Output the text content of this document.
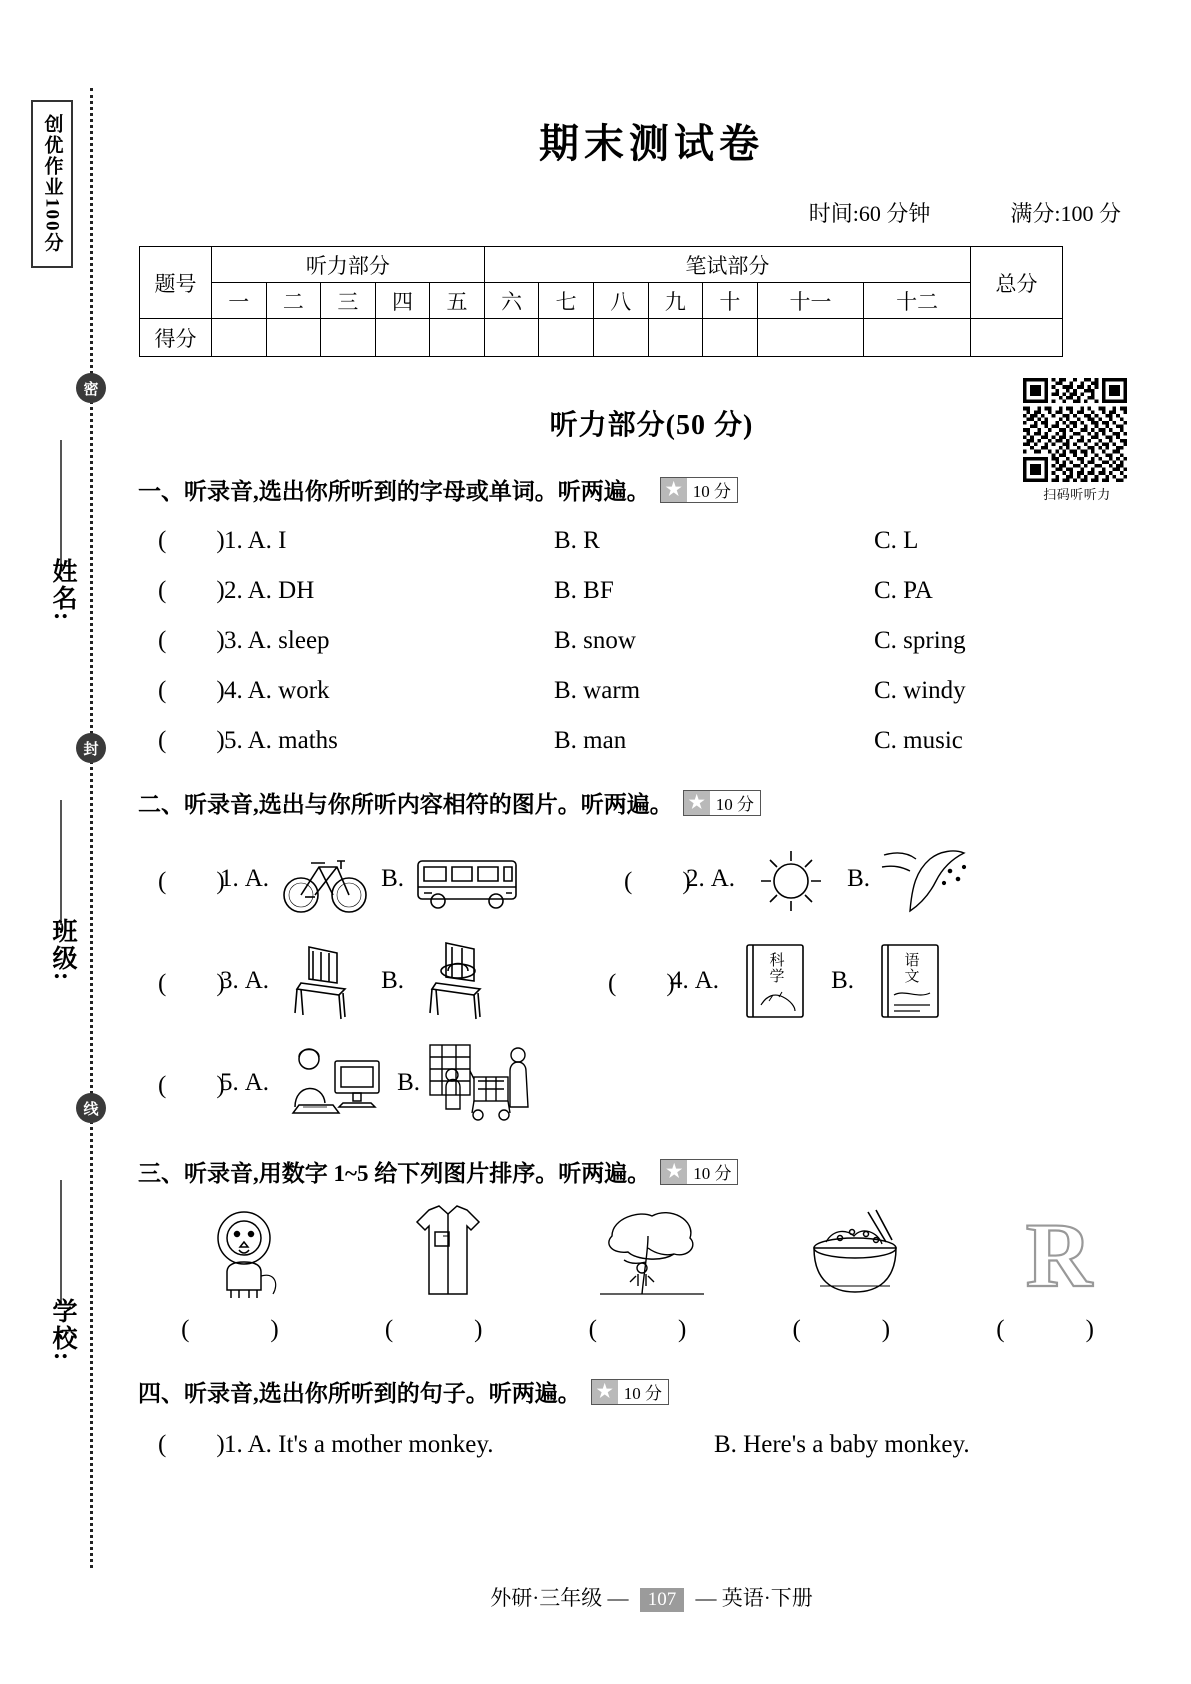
创优作业100分
密
封
线
姓名:
班级:
学校:
期末测试卷
时间:60 分钟	满分:100 分
题号	听力部分					笔试部分							总分
	一	二	三	四	五	六	七	八	九	十	十一	十二	
得分													
听力部分(50 分)
扫码听听力
一、听录音,选出你所听到的字母或单词。听两遍。 ★ 10 分
(　　) 1. A. I	B. R	C. L
(　　) 2. A. DH	B. BF	C. PA
(　　) 3. A. sleep	B. snow	C. spring
(　　) 4. A. work	B. warm	C. windy
(　　) 5. A. maths	B. man	C. music
二、听录音,选出与你所听内容相符的图片。听两遍。 ★ 10 分
(　　)
1. A.	B.	(　　)
2. A.	B.
(　　)
3. A.	B.	(　　)
4. A.
科
学 B.
语
文
(　　)
5. A.	B.
三、听录音,用数字 1~5 给下列图片排序。听两遍。 ★ 10 分
(　)	(　)	(　)	(　)
R
(　)
四、听录音,选出你所听到的句子。听两遍。 ★ 10 分
(　　) 1. A. It's a mother monkey.	B. Here's a baby monkey.
外研·三年级 — 107 — 英语·下册
